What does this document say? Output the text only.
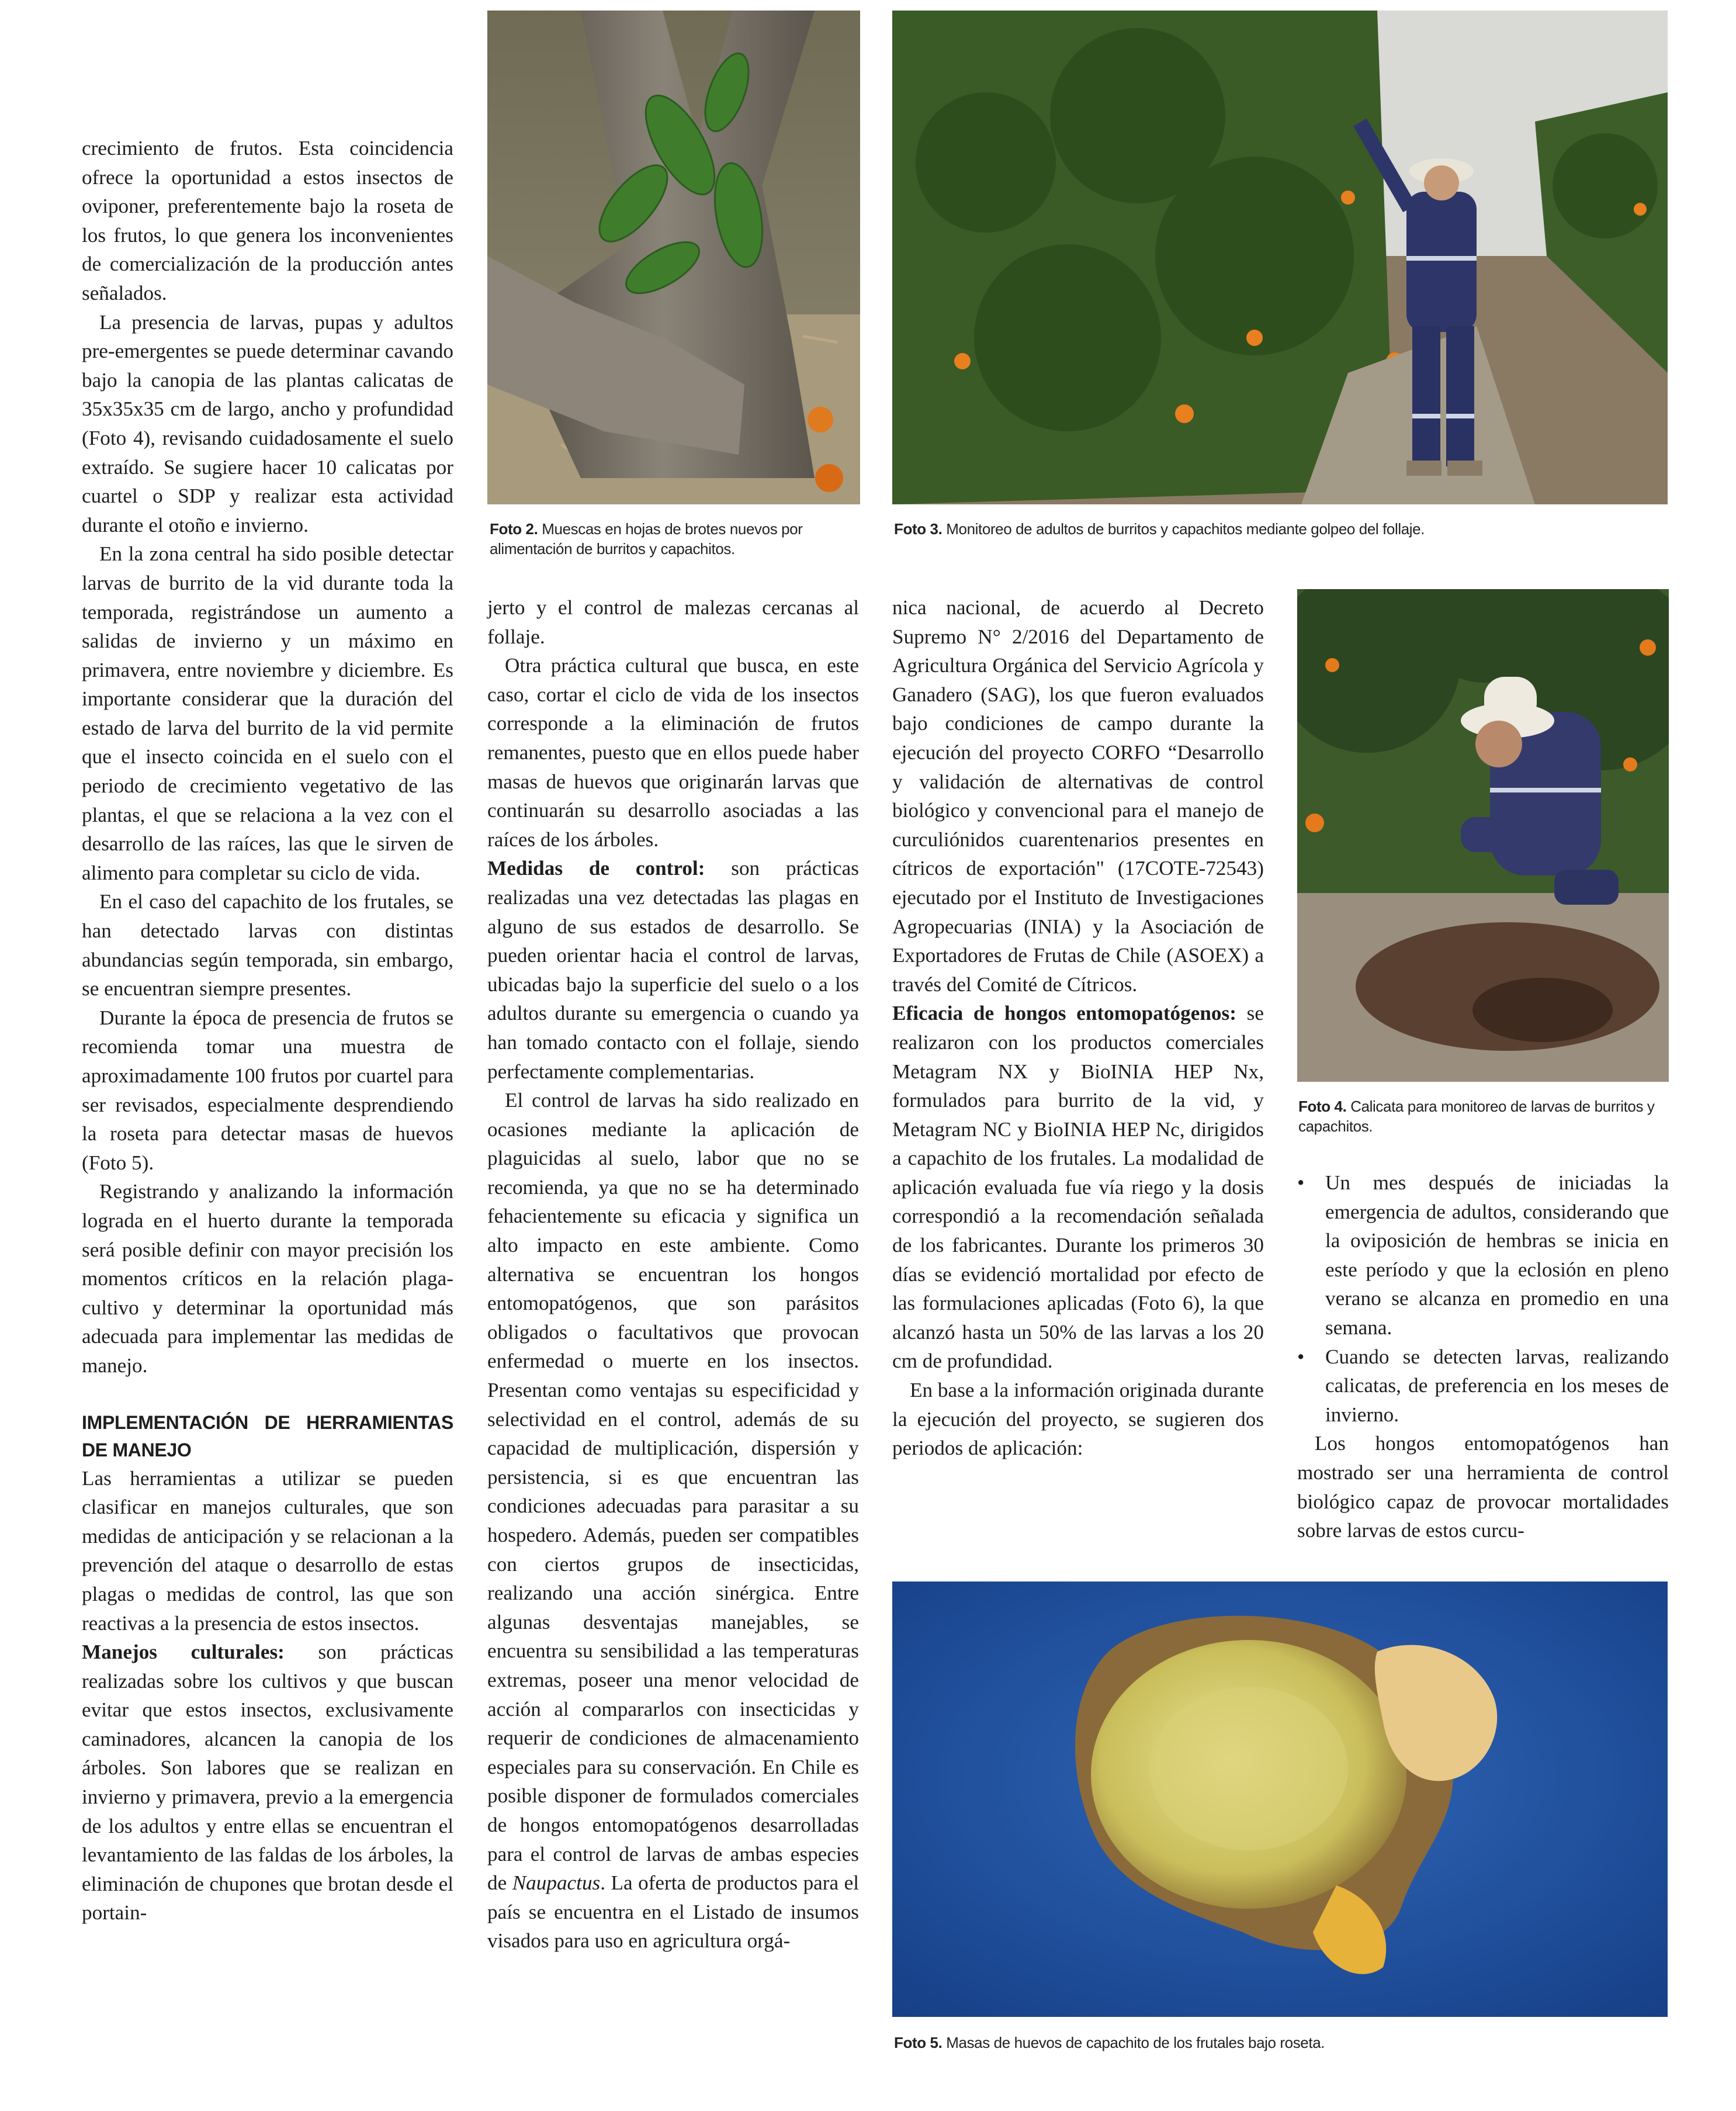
crecimiento de frutos. Esta coincidencia ofrece la oportunidad a estos insectos de oviponer, preferentemente bajo la roseta de los frutos, lo que genera los inconvenientes de comercialización de la producción antes señalados.

La presencia de larvas, pupas y adultos pre-emergentes se puede determinar cavando bajo la canopia de las plantas calicatas de 35x35x35 cm de largo, ancho y profundidad (Foto 4), revisando cuidadosamente el suelo extraído. Se sugiere hacer 10 calicatas por cuartel o SDP y realizar esta actividad durante el otoño e invierno.

En la zona central ha sido posible detectar larvas de burrito de la vid durante toda la temporada, registrándose un aumento a salidas de invierno y un máximo en primavera, entre noviembre y diciembre. Es importante considerar que la duración del estado de larva del burrito de la vid permite que el insecto coincida en el suelo con el periodo de crecimiento vegetativo de las plantas, el que se relaciona a la vez con el desarrollo de las raíces, las que le sirven de alimento para completar su ciclo de vida.

En el caso del capachito de los frutales, se han detectado larvas con distintas abundancias según temporada, sin embargo, se encuentran siempre presentes.

Durante la época de presencia de frutos se recomienda tomar una muestra de aproximadamente 100 frutos por cuartel para ser revisados, especialmente desprendiendo la roseta para detectar masas de huevos (Foto 5).

Registrando y analizando la información lograda en el huerto durante la temporada será posible definir con mayor precisión los momentos críticos en la relación plaga-cultivo y determinar la oportunidad más adecuada para implementar las medidas de manejo.

IMPLEMENTACIÓN DE HERRAMIENTAS DE MANEJO

Las herramientas a utilizar se pueden clasificar en manejos culturales, que son medidas de anticipación y se relacionan a la prevención del ataque o desarrollo de estas plagas o medidas de control, las que son reactivas a la presencia de estos insectos.

Manejos culturales: son prácticas realizadas sobre los cultivos y que buscan evitar que estos insectos, exclusivamente caminadores, alcancen la canopia de los árboles. Son labores que se realizan en invierno y primavera, previo a la emergencia de los adultos y entre ellas se encuentran el levantamiento de las faldas de los árboles, la eliminación de chupones que brotan desde el portain-

Foto 2. Muescas en hojas de brotes nuevos por alimentación de burritos y capachitos.
Foto 3. Monitoreo de adultos de burritos y capachitos mediante golpeo del follaje.

jerto y el control de malezas cercanas al follaje.

Otra práctica cultural que busca, en este caso, cortar el ciclo de vida de los insectos corresponde a la eliminación de frutos remanentes, puesto que en ellos puede haber masas de huevos que originarán larvas que continuarán su desarrollo asociadas a las raíces de los árboles.

Medidas de control: son prácticas realizadas una vez detectadas las plagas en alguno de sus estados de desarrollo. Se pueden orientar hacia el control de larvas, ubicadas bajo la superficie del suelo o a los adultos durante su emergencia o cuando ya han tomado contacto con el follaje, siendo perfectamente complementarias.

El control de larvas ha sido realizado en ocasiones mediante la aplicación de plaguicidas al suelo, labor que no se recomienda, ya que no se ha determinado fehacientemente su eficacia y significa un alto impacto en este ambiente. Como alternativa se encuentran los hongos entomopatógenos, que son parásitos obligados o facultativos que provocan enfermedad o muerte en los insectos. Presentan como ventajas su especificidad y selectividad en el control, además de su capacidad de multiplicación, dispersión y persistencia, si es que encuentran las condiciones adecuadas para parasitar a su hospedero. Además, pueden ser compatibles con ciertos grupos de insecticidas, realizando una acción sinérgica. Entre algunas desventajas manejables, se encuentra su sensibilidad a las temperaturas extremas, poseer una menor velocidad de acción al compararlos con insecticidas y requerir de condiciones de almacenamiento especiales para su conservación. En Chile es posible disponer de formulados comerciales de hongos entomopatógenos desarrolladas para el control de larvas de ambas especies de Naupactus. La oferta de productos para el país se encuentra en el Listado de insumos visados para uso en agricultura orgá-

nica nacional, de acuerdo al Decreto Supremo N° 2/2016 del Departamento de Agricultura Orgánica del Servicio Agrícola y Ganadero (SAG), los que fueron evaluados bajo condiciones de campo durante la ejecución del proyecto CORFO “Desarrollo y validación de alternativas de control biológico y convencional para el manejo de curculiónidos cuarentenarios presentes en cítricos de exportación" (17COTE-72543) ejecutado por el Instituto de Investigaciones Agropecuarias (INIA) y la Asociación de Exportadores de Frutas de Chile (ASOEX) a través del Comité de Cítricos.

Eficacia de hongos entomopatógenos: se realizaron con los productos comerciales Metagram NX y BioINIA HEP Nx, formulados para burrito de la vid, y Metagram NC y BioINIA HEP Nc, dirigidos a capachito de los frutales. La modalidad de aplicación evaluada fue vía riego y la dosis correspondió a la recomendación señalada de los fabricantes. Durante los primeros 30 días se evidenció mortalidad por efecto de las formulaciones aplicadas (Foto 6), la que alcanzó hasta un 50% de las larvas a los 20 cm de profundidad.

En base a la información originada durante la ejecución del proyecto, se sugieren dos periodos de aplicación:

Foto 4. Calicata para monitoreo de larvas de burritos y capachitos.
• Un mes después de iniciadas la emergencia de adultos, considerando que la oviposición de hembras se inicia en este período y que la eclosión en pleno verano se alcanza en promedio en una semana.
• Cuando se detecten larvas, realizando calicatas, de preferencia en los meses de invierno.

Los hongos entomopatógenos han mostrado ser una herramienta de control biológico capaz de provocar mortalidades sobre larvas de estos curcu-

Foto 5. Masas de huevos de capachito de los frutales bajo roseta.
